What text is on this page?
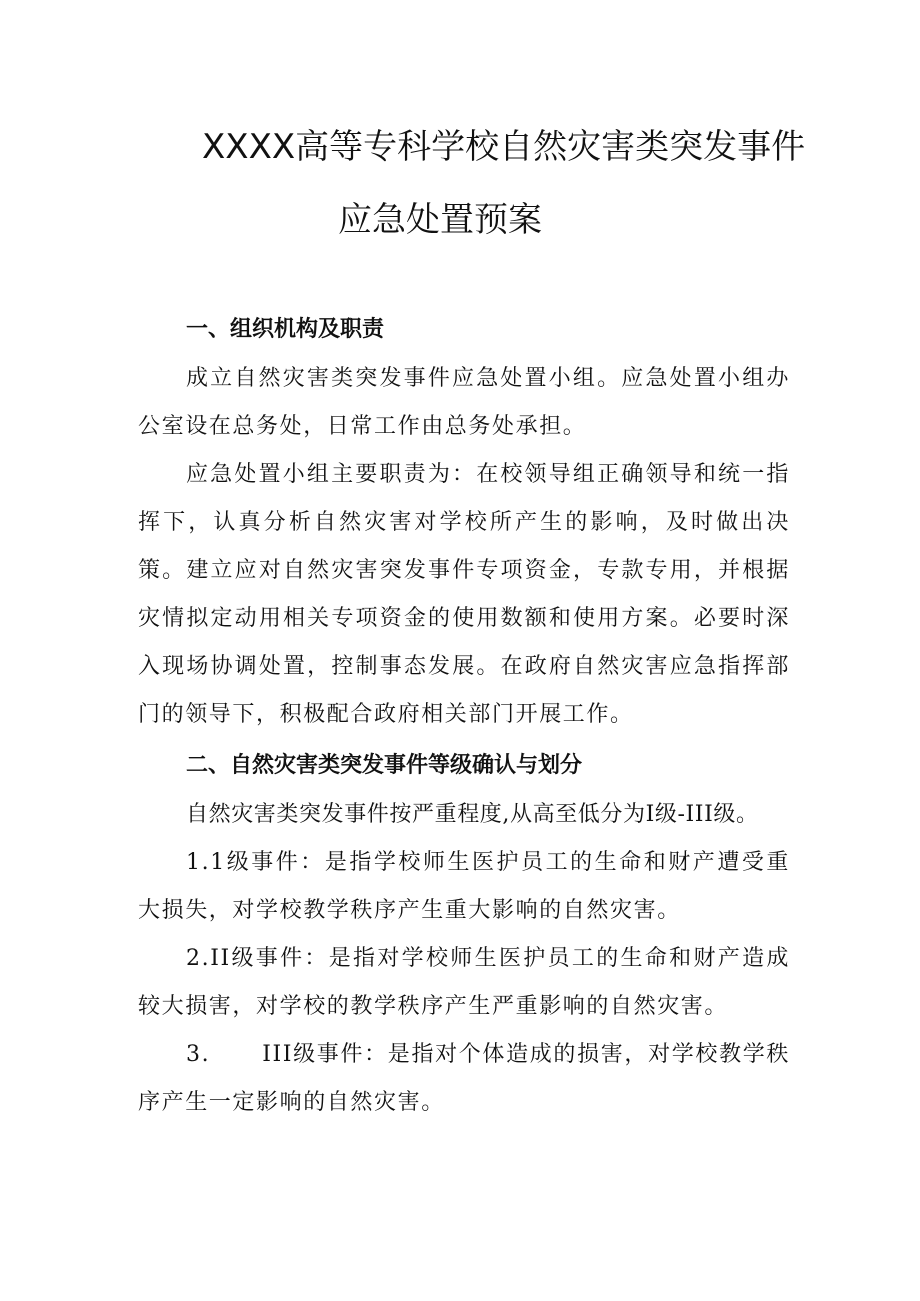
XXXX高等专科学校自然灾害类突发事件
应急处置预案
一、组织机构及职责

成立自然灾害类突发事件应急处置小组。应急处置小组办公室设在总务处，日常工作由总务处承担。

应急处置小组主要职责为：在校领导组正确领导和统一指挥下，认真分析自然灾害对学校所产生的影响，及时做出决策。建立应对自然灾害突发事件专项资金，专款专用，并根据灾情拟定动用相关专项资金的使用数额和使用方案。必要时深入现场协调处置，控制事态发展。在政府自然灾害应急指挥部门的领导下，积极配合政府相关部门开展工作。

二、自然灾害类突发事件等级确认与划分

自然灾害类突发事件按严重程度,从高至低分为I级-III级。

1.1级事件：是指学校师生医护员工的生命和财产遭受重大损失，对学校教学秩序产生重大影响的自然灾害。

2.II级事件：是指对学校师生医护员工的生命和财产造成较大损害，对学校的教学秩序产生严重影响的自然灾害。

3. III级事件：是指对个体造成的损害，对学校教学秩序产生一定影响的自然灾害。
